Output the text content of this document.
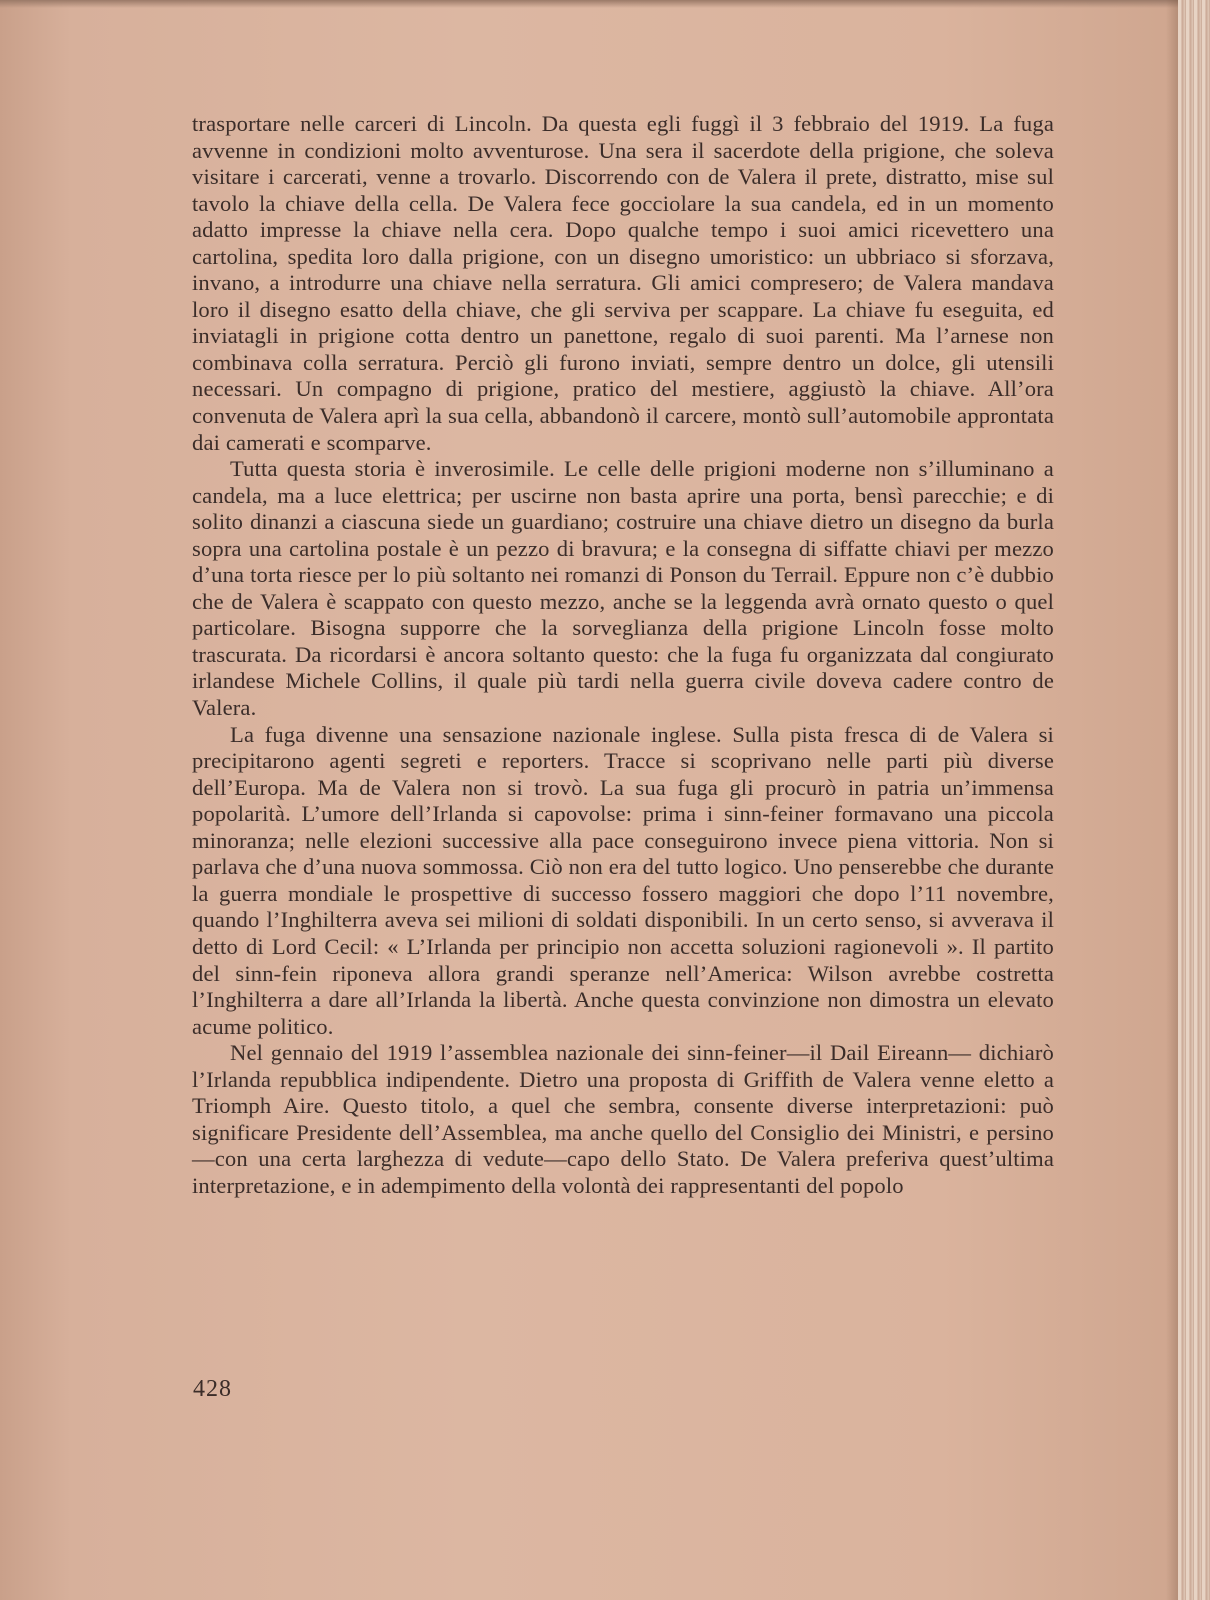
trasportare nelle carceri di Lincoln. Da questa egli fuggì il 3 febbraio del 1919. La fuga avvenne in condizioni molto avventurose. Una sera il sacerdote della prigione, che soleva visitare i carcerati, venne a trovarlo. Discorrendo con de Valera il prete, distratto, mise sul tavolo la chiave della cella. De Valera fece gocciolare la sua candela, ed in un momento adatto impresse la chiave nella cera. Dopo qualche tempo i suoi amici ricevettero una cartolina, spedita loro dalla prigione, con un disegno umoristico: un ubbriaco si sforzava, invano, a introdurre una chiave nella serratura. Gli amici compresero; de Valera mandava loro il disegno esatto della chiave, che gli serviva per scappare. La chiave fu eseguita, ed inviatagli in prigione cotta dentro un panettone, regalo di suoi parenti. Ma l’arnese non combinava colla serratura. Perciò gli furono inviati, sempre dentro un dolce, gli utensili necessari. Un compagno di prigione, pratico del mestiere, aggiustò la chiave. All’ora convenuta de Valera aprì la sua cella, abbandonò il carcere, montò sull’automobile approntata dai camerati e scomparve.

Tutta questa storia è inverosimile. Le celle delle prigioni moderne non s’illuminano a candela, ma a luce elettrica; per uscirne non basta aprire una porta, bensì parecchie; e di solito dinanzi a ciascuna siede un guardiano; costruire una chiave dietro un disegno da burla sopra una cartolina postale è un pezzo di bravura; e la consegna di siffatte chiavi per mezzo d’una torta riesce per lo più soltanto nei romanzi di Ponson du Terrail. Eppure non c’è dubbio che de Valera è scappato con questo mezzo, anche se la leggenda avrà ornato questo o quel particolare. Bisogna supporre che la sorveglianza della prigione Lincoln fosse molto trascurata. Da ricordarsi è ancora soltanto questo: che la fuga fu organizzata dal congiurato irlandese Michele Collins, il quale più tardi nella guerra civile doveva cadere contro de Valera.

La fuga divenne una sensazione nazionale inglese. Sulla pista fresca di de Valera si precipitarono agenti segreti e reporters. Tracce si scoprivano nelle parti più diverse dell’Europa. Ma de Valera non si trovò. La sua fuga gli procurò in patria un’immensa popolarità. L’umore dell’Irlanda si capovolse: prima i sinn-feiner formavano una piccola minoranza; nelle elezioni successive alla pace conseguirono invece piena vittoria. Non si parlava che d’una nuova sommossa. Ciò non era del tutto logico. Uno penserebbe che durante la guerra mondiale le prospettive di successo fossero maggiori che dopo l’11 novembre, quando l’Inghilterra aveva sei milioni di soldati disponibili. In un certo senso, si avverava il detto di Lord Cecil: « L’Irlanda per principio non accetta soluzioni ragionevoli ». Il partito del sinn-fein riponeva allora grandi speranze nell’America: Wilson avrebbe costretta l’Inghilterra a dare all’Irlanda la libertà. Anche questa convinzione non dimostra un elevato acume politico.

Nel gennaio del 1919 l’assemblea nazionale dei sinn-feiner—il Dail Eireann— dichiarò l’Irlanda repubblica indipendente. Dietro una proposta di Griffith de Valera venne eletto a Triomph Aire. Questo titolo, a quel che sembra, consente diverse interpretazioni: può significare Presidente dell’Assemblea, ma anche quello del Consiglio dei Ministri, e persino—con una certa larghezza di vedute—capo dello Stato. De Valera preferiva quest’ultima interpretazione, e in adempimento della volontà dei rappresentanti del popolo

428
